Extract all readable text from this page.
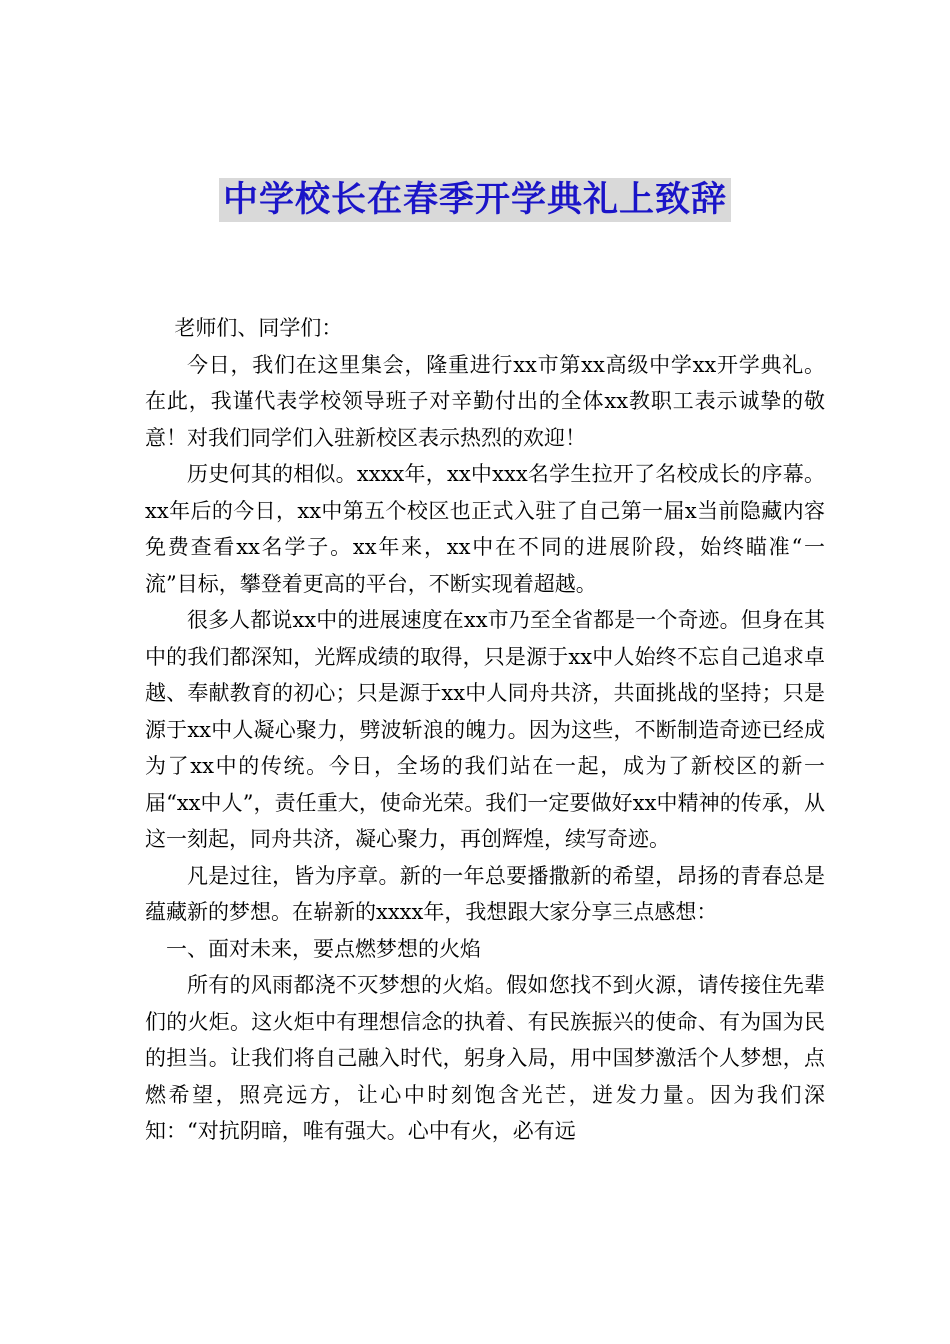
中学校长在春季开学典礼上致辞

老师们、同学们：

今日，我们在这里集会，隆重进行xx市第xx高级中学xx开学典礼。在此，我谨代表学校领导班子对辛勤付出的全体xx教职工表示诚挚的敬意！对我们同学们入驻新校区表示热烈的欢迎！

历史何其的相似。xxxx年，xx中xxx名学生拉开了名校成长的序幕。xx年后的今日，xx中第五个校区也正式入驻了自己第一届x当前隐藏内容免费查看xx名学子。xx年来，xx中在不同的进展阶段，始终瞄准“一流”目标，攀登着更高的平台，不断实现着超越。

很多人都说xx中的进展速度在xx市乃至全省都是一个奇迹。但身在其中的我们都深知，光辉成绩的取得，只是源于xx中人始终不忘自己追求卓越、奉献教育的初心；只是源于xx中人同舟共济，共面挑战的坚持；只是源于xx中人凝心聚力，劈波斩浪的魄力。因为这些，不断制造奇迹已经成为了xx中的传统。今日，全场的我们站在一起，成为了新校区的新一届“xx中人”，责任重大，使命光荣。我们一定要做好xx中精神的传承，从这一刻起，同舟共济，凝心聚力，再创辉煌，续写奇迹。

凡是过往，皆为序章。新的一年总要播撒新的希望，昂扬的青春总是蕴藏新的梦想。在崭新的xxxx年，我想跟大家分享三点感想：

一、面对未来，要点燃梦想的火焰

所有的风雨都浇不灭梦想的火焰。假如您找不到火源，请传接住先辈们的火炬。这火炬中有理想信念的执着、有民族振兴的使命、有为国为民的担当。让我们将自己融入时代，躬身入局，用中国梦激活个人梦想，点燃希望，照亮远方，让心中时刻饱含光芒，迸发力量。因为我们深知：“对抗阴暗，唯有强大。心中有火，必有远
